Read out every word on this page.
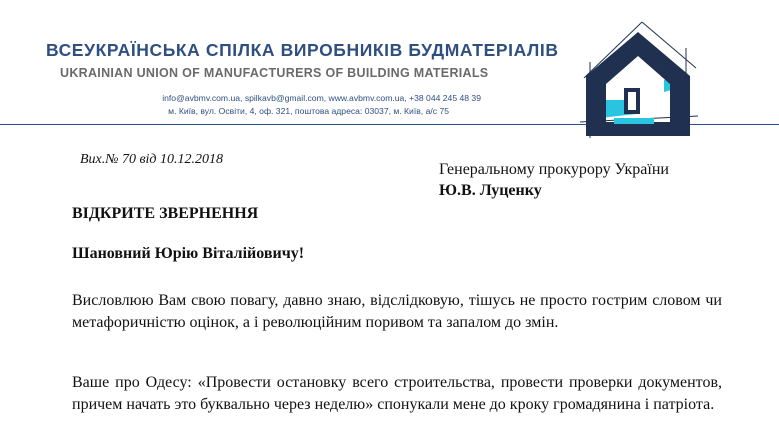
ВСЕУКРАЇНСЬКА СПІЛКА ВИРОБНИКІВ БУДМАТЕРІАЛІВ
UKRAINIAN UNION OF MANUFACTURERS OF BUILDING MATERIALS
info@avbmv.com.ua, spilkavb@gmail.com, www.avbmv.com.ua, +38 044 245 48 39
м. Київ, вул. Освіти, 4, оф. 321, поштова адреса: 03037, м. Київ, а/с 75
Вих.№ 70 від 10.12.2018
Генеральному прокурору України
Ю.В. Луценку
ВІДКРИТЕ ЗВЕРНЕННЯ
Шановний Юрію Віталійовичу!
Висловлюю Вам свою повагу, давно знаю, відслідковую, тішусь не просто гострим словом чи метафоричністю оцінок, а і революційним поривом та запалом до змін.
Ваше про Одесу: «Провести остановку всего строительства, провести проверки документов, причем начать это буквально через неделю» спонукали мене до кроку громадянина і патріота.
